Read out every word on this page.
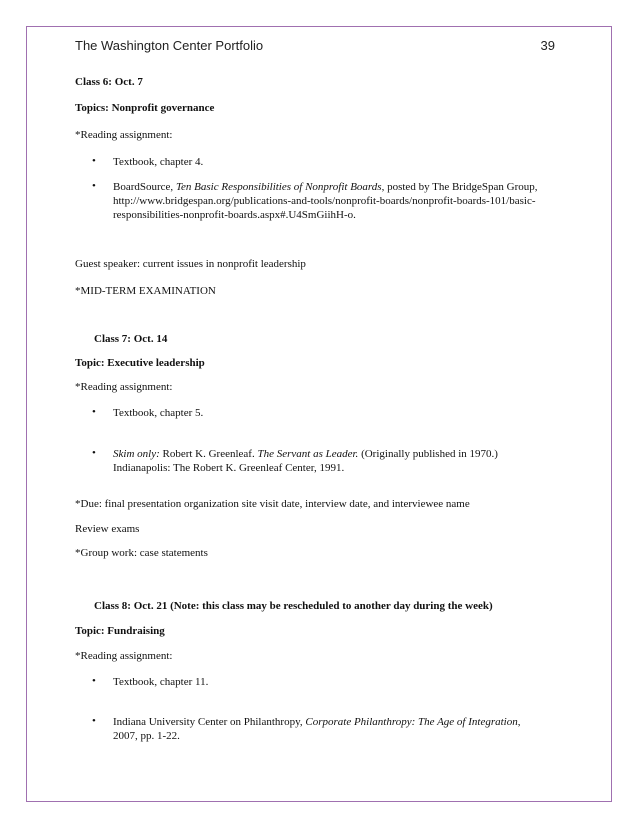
The Washington Center Portfolio	39
Class 6: Oct. 7
Topics: Nonprofit governance
*Reading assignment:
• Textbook, chapter 4.
• BoardSource, Ten Basic Responsibilities of Nonprofit Boards, posted by The BridgeSpan Group,
http://www.bridgespan.org/publications-and-tools/nonprofit-boards/nonprofit-boards-101/basic-
responsibilities-nonprofit-boards.aspx#.U4SmGiihH-o.
Guest speaker: current issues in nonprofit leadership
*MID-TERM EXAMINATION
Class 7: Oct. 14
Topic: Executive leadership
*Reading assignment:
• Textbook, chapter 5.
• Skim only: Robert K. Greenleaf. The Servant as Leader. (Originally published in 1970.)
Indianapolis: The Robert K. Greenleaf Center, 1991.
*Due: final presentation organization site visit date, interview date, and interviewee name
Review exams
*Group work: case statements
Class 8: Oct. 21 (Note: this class may be rescheduled to another day during the week)
Topic: Fundraising
*Reading assignment:
• Textbook, chapter 11.
• Indiana University Center on Philanthropy, Corporate Philanthropy: The Age of Integration,
2007, pp. 1-22.
